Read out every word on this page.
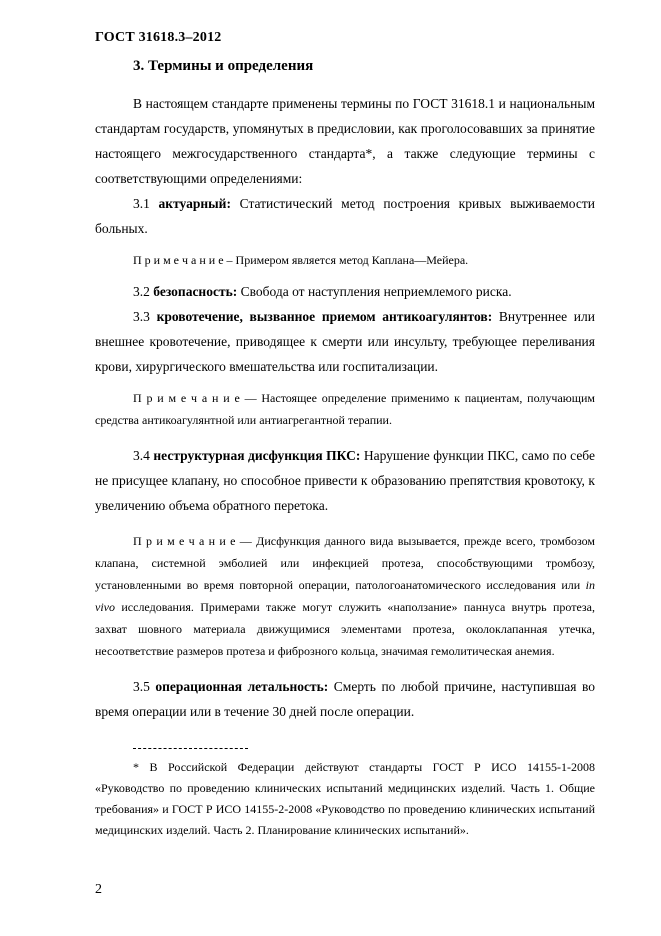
ГОСТ 31618.3–2012
3. Термины и определения

В настоящем стандарте применены термины по ГОСТ 31618.1 и национальным стандартам государств, упомянутых в предисловии, как проголосовавших за принятие настоящего межгосударственного стандарта*, а также следующие термины с соответствующими определениями:

3.1 актуарный: Статистический метод построения кривых выживаемости больных.

П р и м е ч а н и е – Примером является метод Каплана—Мейера.

3.2 безопасность: Свобода от наступления неприемлемого риска.

3.3 кровотечение, вызванное приемом антикоагулянтов: Внутреннее или внешнее кровотечение, приводящее к смерти или инсульту, требующее переливания крови, хирургического вмешательства или госпитализации.

П р и м е ч а н и е — Настоящее определение применимо к пациентам, получающим средства антикоагулянтной или антиагрегантной терапии.

3.4 неструктурная дисфункция ПКС: Нарушение функции ПКС, само по себе не присущее клапану, но способное привести к образованию препятствия кровотоку, к увеличению объема обратного перетока.

П р и м е ч а н и е — Дисфункция данного вида вызывается, прежде всего, тромбозом клапана, системной эмболией или инфекцией протеза, способствующими тромбозу, установленными во время повторной операции, патологоанатомического исследования или in vivo исследования. Примерами также могут служить «наползание» паннуса внутрь протеза, захват шовного материала движущимися элементами протеза, околоклапанная утечка, несоответствие размеров протеза и фиброзного кольца, значимая гемолитическая анемия.

3.5 операционная летальность: Смерть по любой причине, наступившая во время операции или в течение 30 дней после операции.

* В Российской Федерации действуют стандарты ГОСТ Р ИСО 14155-1-2008 «Руководство по проведению клинических испытаний медицинских изделий. Часть 1. Общие требования» и ГОСТ Р ИСО 14155-2-2008 «Руководство по проведению клинических испытаний медицинских изделий. Часть 2. Планирование клинических испытаний».

2
